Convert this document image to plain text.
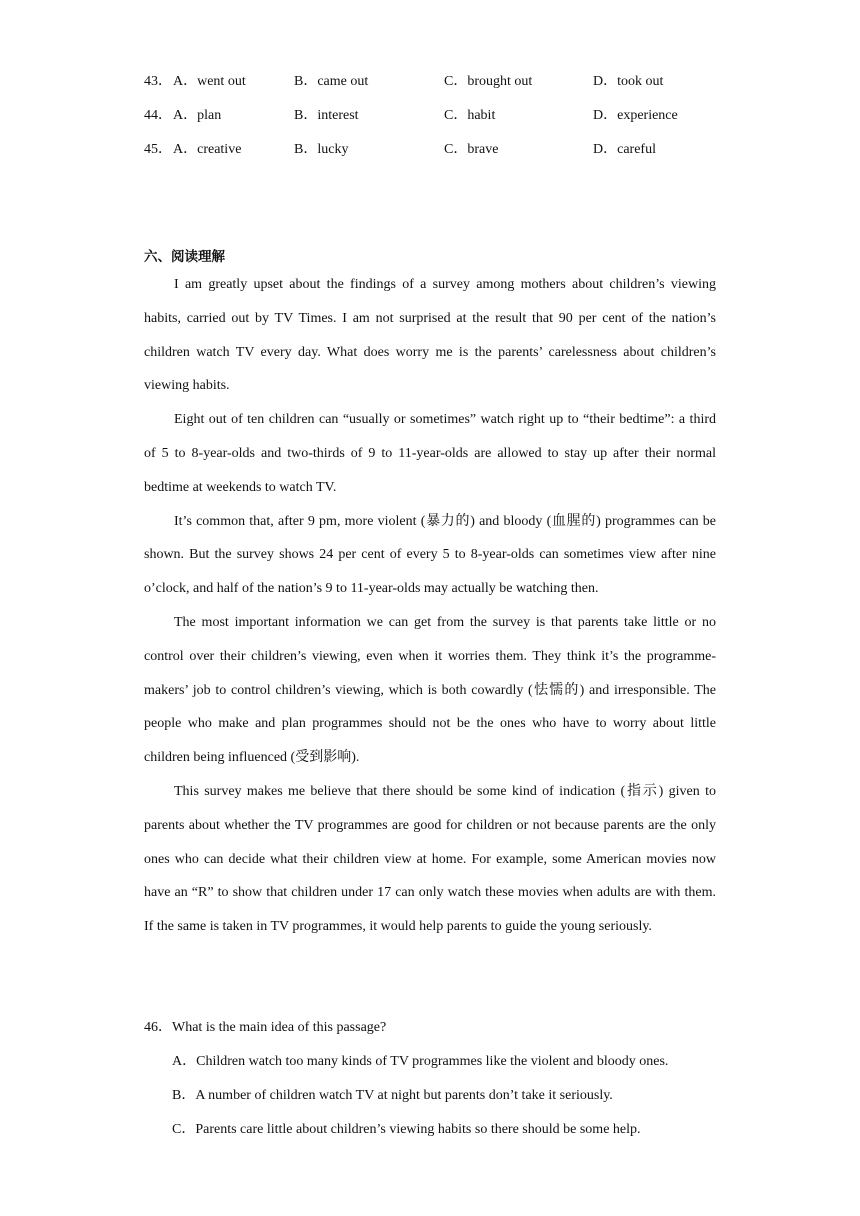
43． A．went out	B．came out	C．brought out	D．took out
44． A．plan	B．interest	C．habit	D．experience
45． A．creative	B．lucky	C．brave	D．careful
六、阅读理解

I am greatly upset about the findings of a survey among mothers about children’s viewing habits, carried out by TV Times. I am not surprised at the result that 90 per cent of the nation’s children watch TV every day. What does worry me is the parents’ carelessness about children’s viewing habits.

Eight out of ten children can “usually or sometimes” watch right up to “their bedtime”: a third of 5 to 8-year-olds and two-thirds of 9 to 11-year-olds are allowed to stay up after their normal bedtime at weekends to watch TV.

It’s common that, after 9 pm, more violent (暴力的) and bloody (血腥的) programmes can be shown. But the survey shows 24 per cent of every 5 to 8-year-olds can sometimes view after nine o’clock, and half of the nation’s 9 to 11-year-olds may actually be watching then.

The most important information we can get from the survey is that parents take little or no control over their children’s viewing, even when it worries them. They think it’s the programme-makers’ job to control children’s viewing, which is both cowardly (怯懦的) and irresponsible. The people who make and plan programmes should not be the ones who have to worry about little children being influenced (受到影响).

This survey makes me believe that there should be some kind of indication (指示) given to parents about whether the TV programmes are good for children or not because parents are the only ones who can decide what their children view at home. For example, some American movies now have an “R” to show that children under 17 can only watch these movies when adults are with them. If the same is taken in TV programmes, it would help parents to guide the young seriously.

46．What is the main idea of this passage?
A．Children watch too many kinds of TV programmes like the violent and bloody ones.
B．A number of children watch TV at night but parents don’t take it seriously.
C．Parents care little about children’s viewing habits so there should be some help.
